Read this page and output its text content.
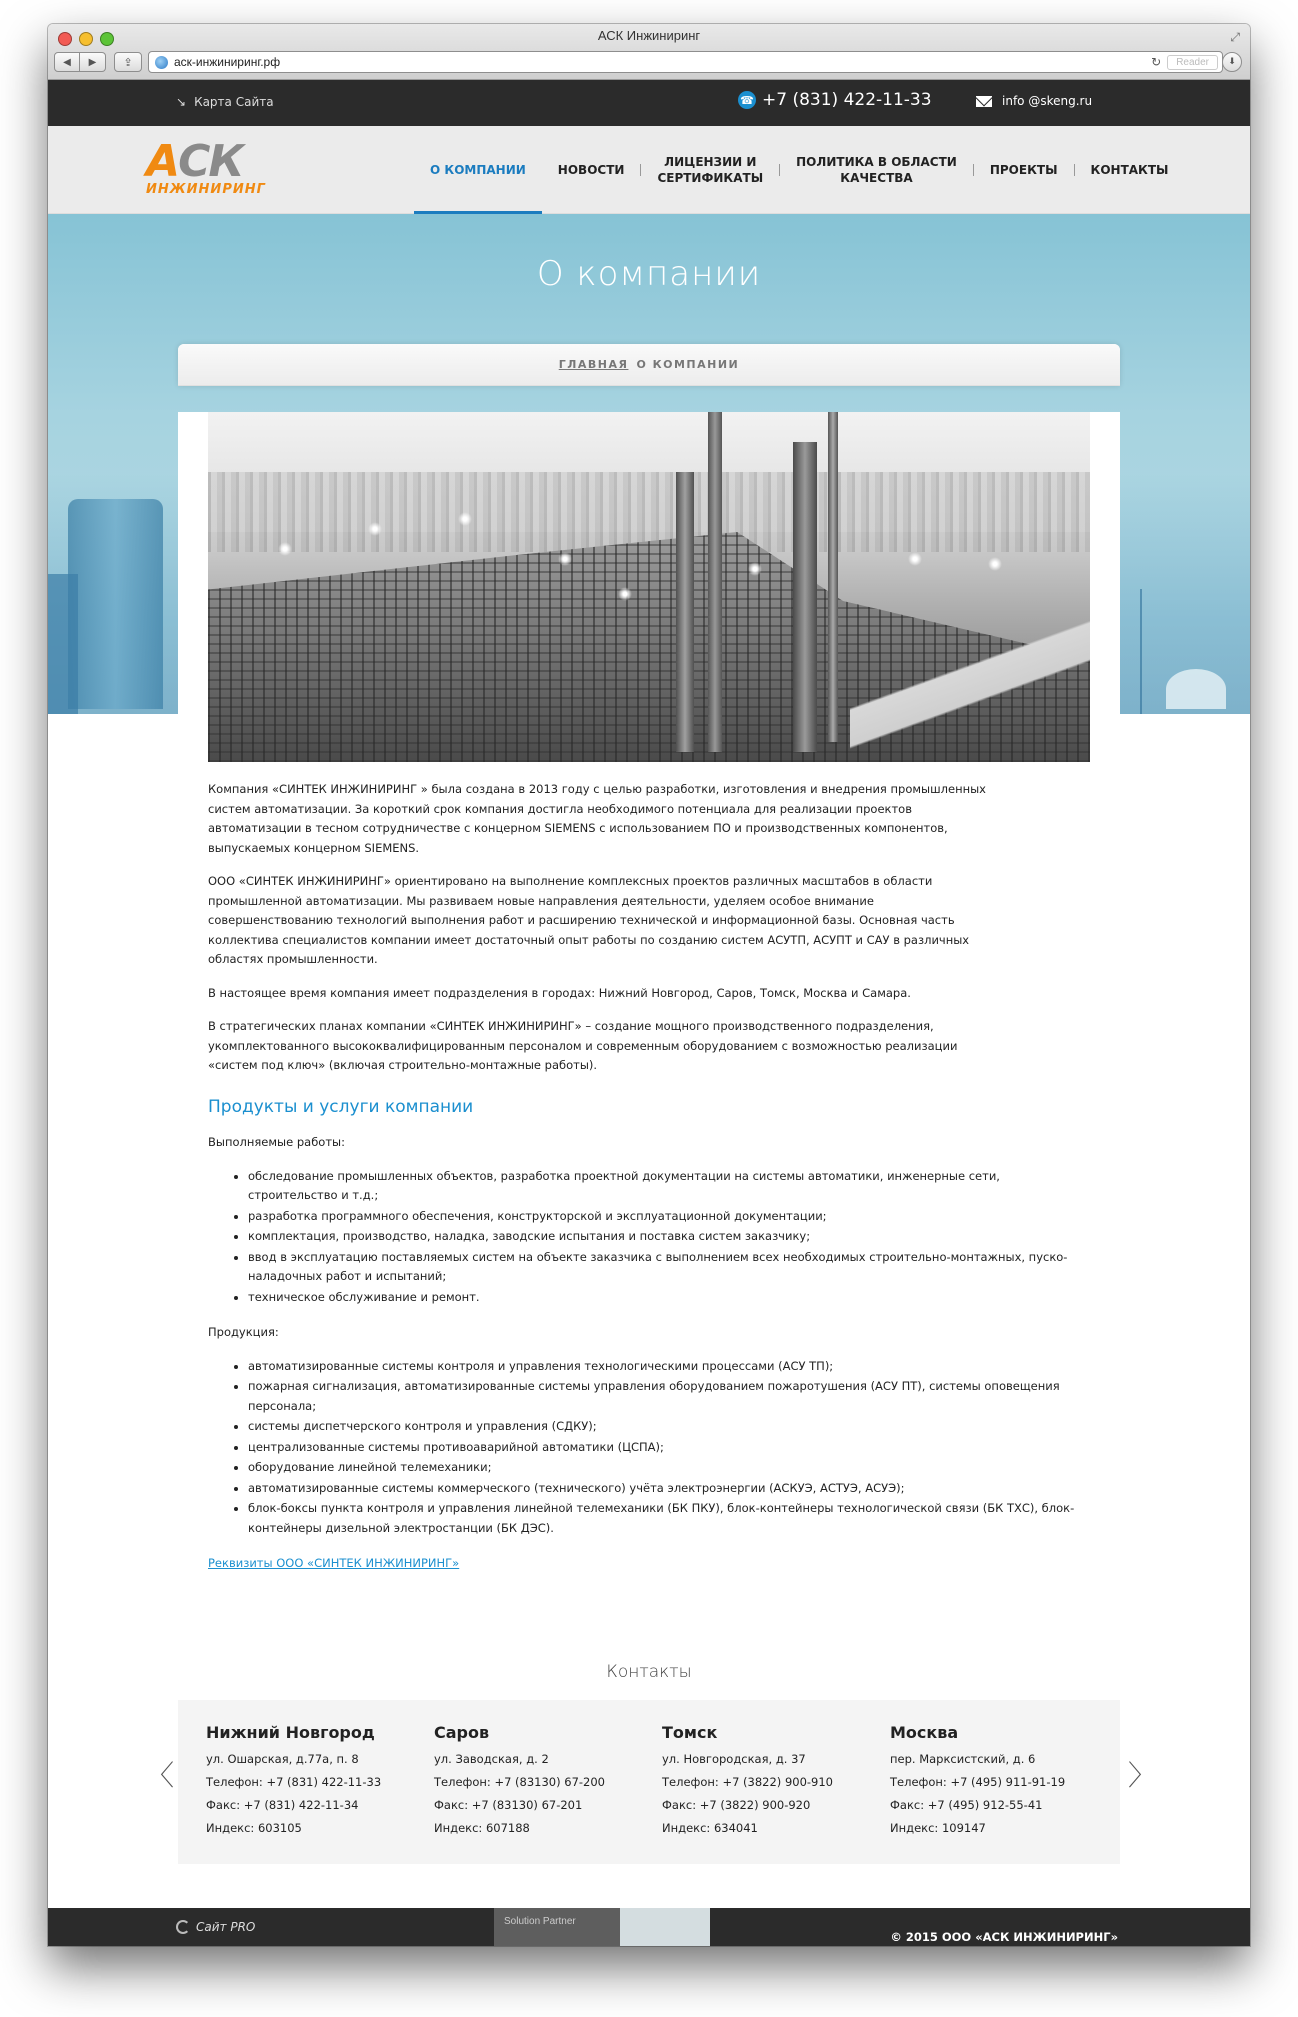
АСК Инжиниринг	⤢
◀	▶	⇪	аск-инжиниринг.рф	↻	Reader	⬇
↘ Карта Сайта	☎ +7 (831) 422-11-33	info @skeng.ru
АСК
ИНЖИНИРИНГ
О КОМПАНИИ	НОВОСТИ
ЛИЦЕНЗИИ И
СЕРТИФИКАТЫ
ПОЛИТИКА В ОБЛАСТИ
КАЧЕСТВА
ПРОЕКТЫ	КОНТАКТЫ
О компании
ГЛАВНАЯ О КОМПАНИИ

Компания «СИНТЕК ИНЖИНИРИНГ » была создана в 2013 году с целью разработки, изготовления и внедрения промышленных систем автоматизации. За короткий срок компания достигла необходимого потенциала для реализации проектов автоматизации в тесном сотрудничестве с концерном SIEMENS с использованием ПО и производственных компонентов, выпускаемых концерном SIEMENS.

ООО «СИНТЕК ИНЖИНИРИНГ» ориентировано на выполнение комплексных проектов различных масштабов в области промышленной автоматизации. Мы развиваем новые направления деятельности, уделяем особое внимание совершенствованию технологий выполнения работ и расширению технической и информационной базы. Основная часть коллектива специалистов компании имеет достаточный опыт работы по созданию систем АСУТП, АСУПТ и САУ в различных областях промышленности.

В настоящее время компания имеет подразделения в городах: Нижний Новгород, Саров, Томск, Москва и Самара.

В стратегических планах компании «СИНТЕК ИНЖИНИРИНГ» – создание мощного производственного подразделения, укомплектованного высококвалифицированным персоналом и современным оборудованием с возможностью реализации «систем под ключ» (включая строительно-монтажные работы).

Продукты и услуги компании
Выполняемые работы:
• обследование промышленных объектов, разработка проектной документации на системы автоматики, инженерные сети, строительство и т.д.;
• разработка программного обеспечения, конструкторской и эксплуатационной документации;
• комплектация, производство, наладка, заводские испытания и поставка систем заказчику;
• ввод в эксплуатацию поставляемых систем на объекте заказчика с выполнением всех необходимых строительно-монтажных, пуско-наладочных работ и испытаний;
• техническое обслуживание и ремонт.
Продукция:
• автоматизированные системы контроля и управления технологическими процессами (АСУ ТП);
• пожарная сигнализация, автоматизированные системы управления оборудованием пожаротушения (АСУ ПТ), системы оповещения персонала;
• системы диспетчерского контроля и управления (СДКУ);
• централизованные системы противоаварийной автоматики (ЦСПА);
• оборудование линейной телемеханики;
• автоматизированные системы коммерческого (технического) учёта электроэнергии (АСКУЭ, АСТУЭ, АСУЭ);
• блок-боксы пункта контроля и управления линейной телемеханики (БК ПКУ), блок-контейнеры технологической связи (БК ТХС), блок-контейнеры дизельной электростанции (БК ДЭС).
Реквизиты ООО «СИНТЕК ИНЖИНИРИНГ»
Контакты
〈	〉
Нижний Новгород
ул. Ошарская, д.77а, п. 8
Телефон: +7 (831) 422-11-33
Факс: +7 (831) 422-11-34
Индекс: 603105
Саров
ул. Заводская, д. 2
Телефон: +7 (83130) 67-200
Факс: +7 (83130) 67-201
Индекс: 607188
Томск
ул. Новгородская, д. 37
Телефон: +7 (3822) 900-910
Факс: +7 (3822) 900-920
Индекс: 634041
Москва
пер. Марксистский, д. 6
Телефон: +7 (495) 911-91-19
Факс: +7 (495) 912-55-41
Индекс: 109147
Сайт PRO	Solution Partner
© 2015 ООО «АСК ИНЖИНИРИНГ»
